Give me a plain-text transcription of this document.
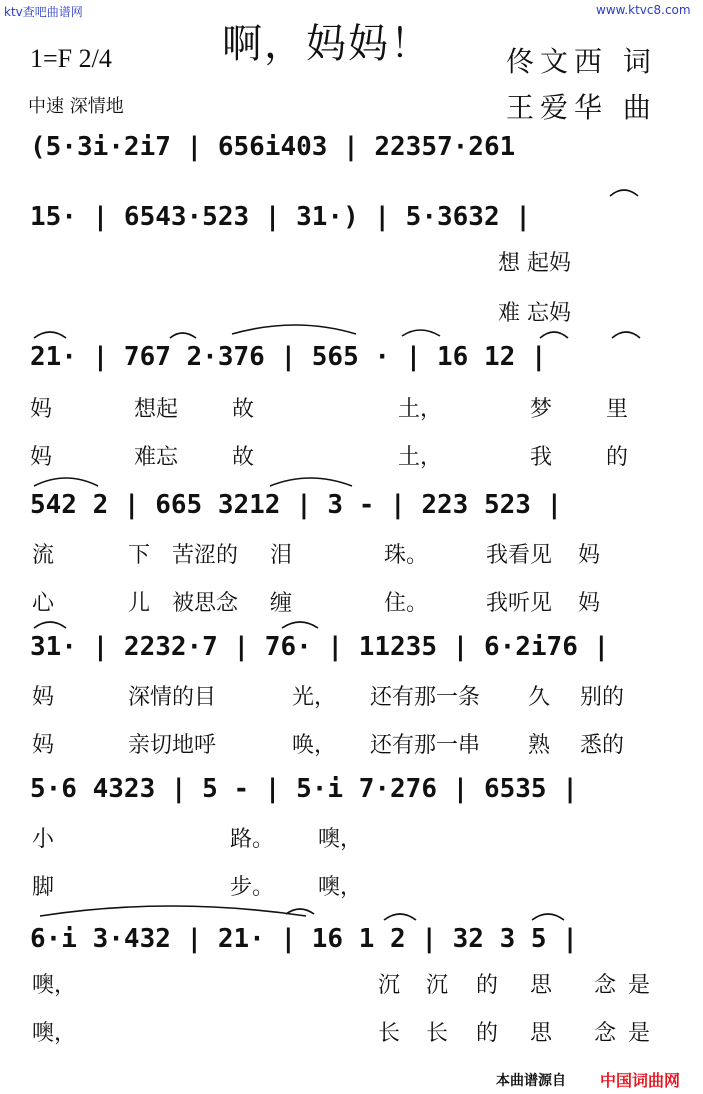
ktv查吧曲谱网	www.ktvc8.com
啊，妈妈！
1=F 2/4
中速 深情地
佟文西 词
王爱华 曲
(5·3i·2i7 | 656i403 | 22357·261
15· | 6543·523 | 31·) | 5·3632 |
想 起妈
难 忘妈
21· | 767 2·376 | 565 · | 16 12 |
妈	想起 故	土，	梦 里
妈	难忘 故	土，	我 的
542 2 | 665 3212 | 3 - | 223 523 |
流	下 苦涩的 泪	珠。	我看见 妈
心	儿 被思念 缠	住。	我听见 妈
31· | 2232·7 | 76· | 11235 | 6·2i76 |
妈	深情的目	光， 还有那一条 久 别的
妈	亲切地呼	唤， 还有那一串 熟 悉的
5·6 4323 | 5 - | 5·i 7·276 | 6535 |
小	路。 噢，
脚	步。 噢，
6·i 3·432 | 21· | 16 1 2 | 32 3 5 |
噢，	沉 沉 的 思 念 是
噢，	长 长 的 思 念 是
本曲谱源自 中国词曲网
